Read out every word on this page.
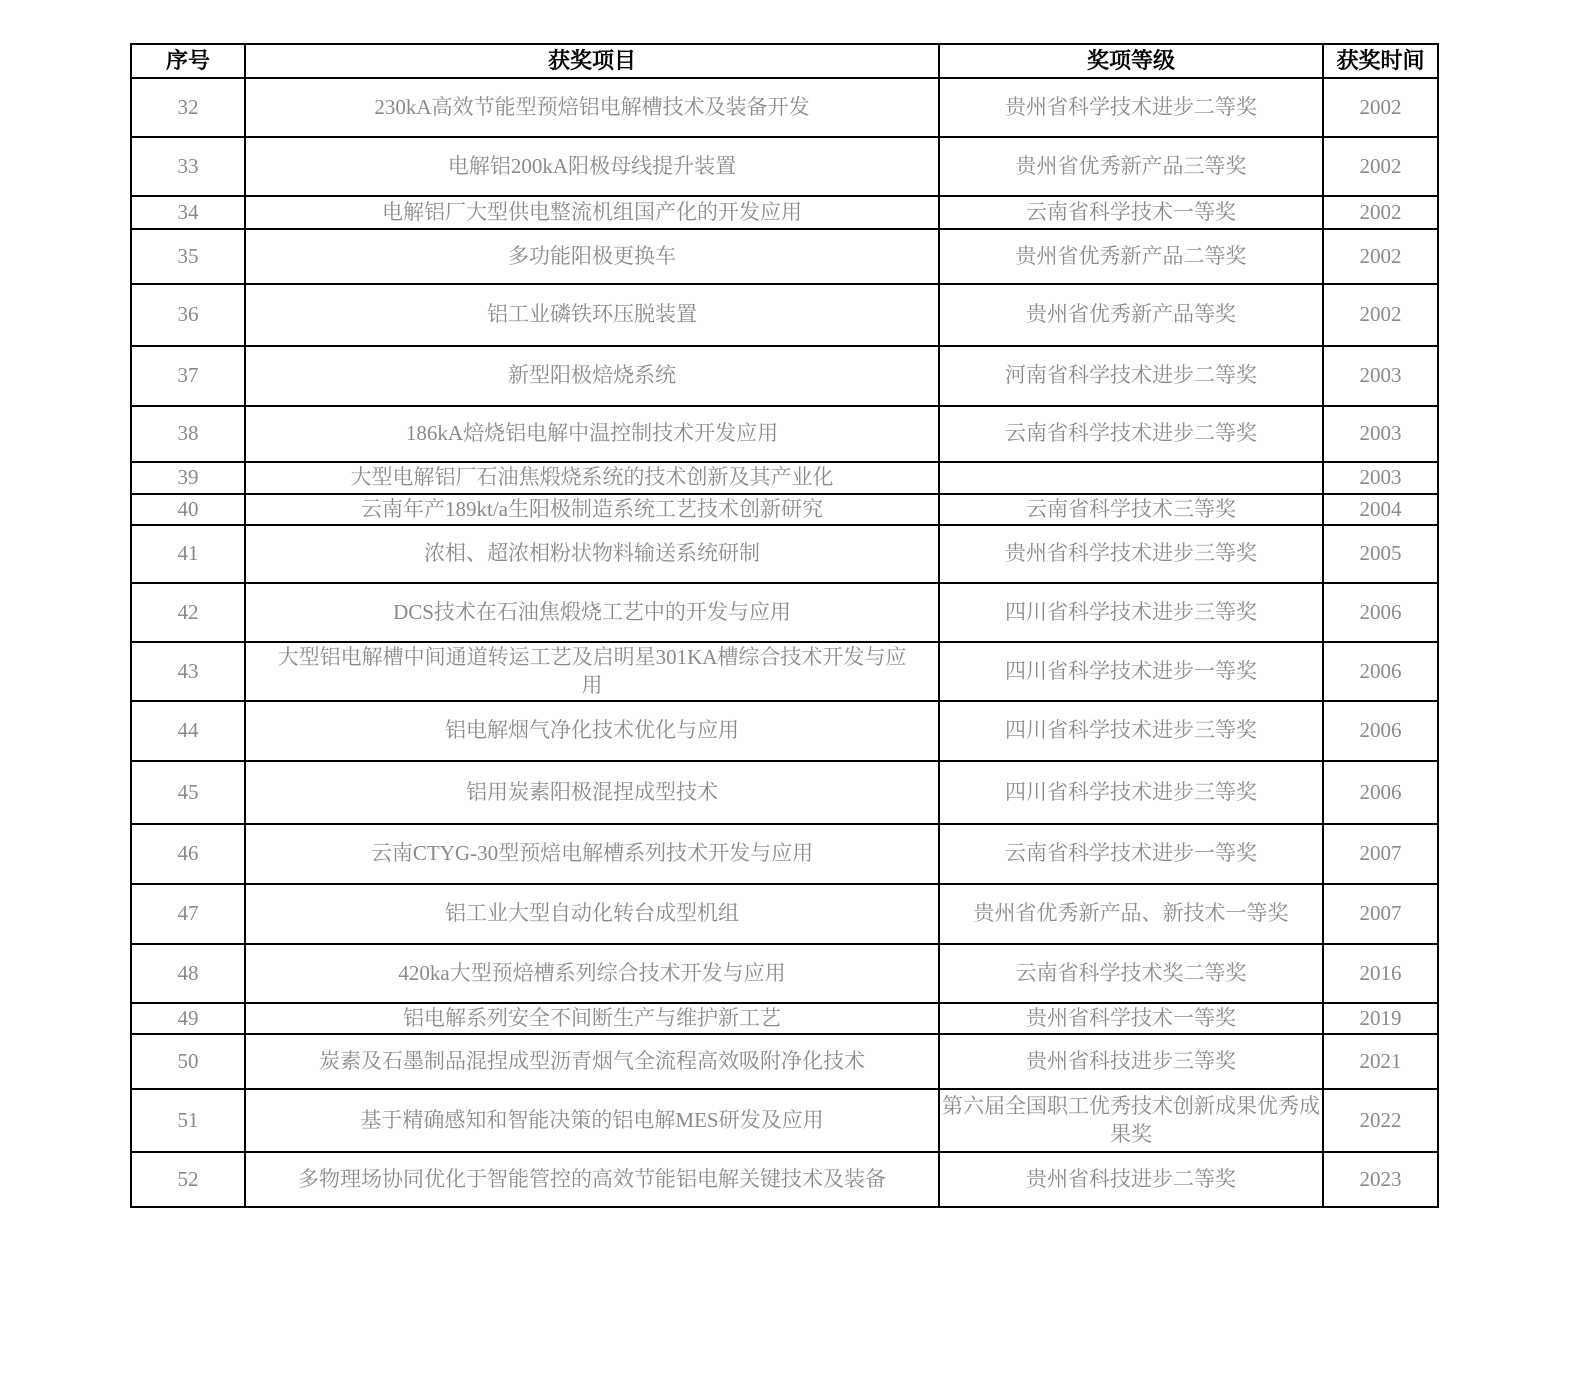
序号	获奖项目	奖项等级	获奖时间
32	230kA高效节能型预焙铝电解槽技术及装备开发	贵州省科学技术进步二等奖	2002
33	电解铝200kA阳极母线提升装置	贵州省优秀新产品三等奖	2002
34	电解铝厂大型供电整流机组国产化的开发应用	云南省科学技术一等奖	2002
35	多功能阳极更换车	贵州省优秀新产品二等奖	2002
36	铝工业磷铁环压脱装置	贵州省优秀新产品等奖	2002
37	新型阳极焙烧系统	河南省科学技术进步二等奖	2003
38	186kA焙烧铝电解中温控制技术开发应用	云南省科学技术进步二等奖	2003
39	大型电解铝厂石油焦煅烧系统的技术创新及其产业化		2003
40	云南年产189kt/a生阳极制造系统工艺技术创新研究	云南省科学技术三等奖	2004
41	浓相、超浓相粉状物料输送系统研制	贵州省科学技术进步三等奖	2005
42	DCS技术在石油焦煅烧工艺中的开发与应用	四川省科学技术进步三等奖	2006
43	大型铝电解槽中间通道转运工艺及启明星301KA槽综合技术开发与应用	四川省科学技术进步一等奖	2006
44	铝电解烟气净化技术优化与应用	四川省科学技术进步三等奖	2006
45	铝用炭素阳极混捏成型技术	四川省科学技术进步三等奖	2006
46	云南CTYG-30型预焙电解槽系列技术开发与应用	云南省科学技术进步一等奖	2007
47	铝工业大型自动化转台成型机组	贵州省优秀新产品、新技术一等奖	2007
48	420ka大型预焙槽系列综合技术开发与应用	云南省科学技术奖二等奖	2016
49	铝电解系列安全不间断生产与维护新工艺	贵州省科学技术一等奖	2019
50	炭素及石墨制品混捏成型沥青烟气全流程高效吸附净化技术	贵州省科技进步三等奖	2021
51	基于精确感知和智能决策的铝电解MES研发及应用	第六届全国职工优秀技术创新成果优秀成果奖	2022
52	多物理场协同优化于智能管控的高效节能铝电解关键技术及装备	贵州省科技进步二等奖	2023
